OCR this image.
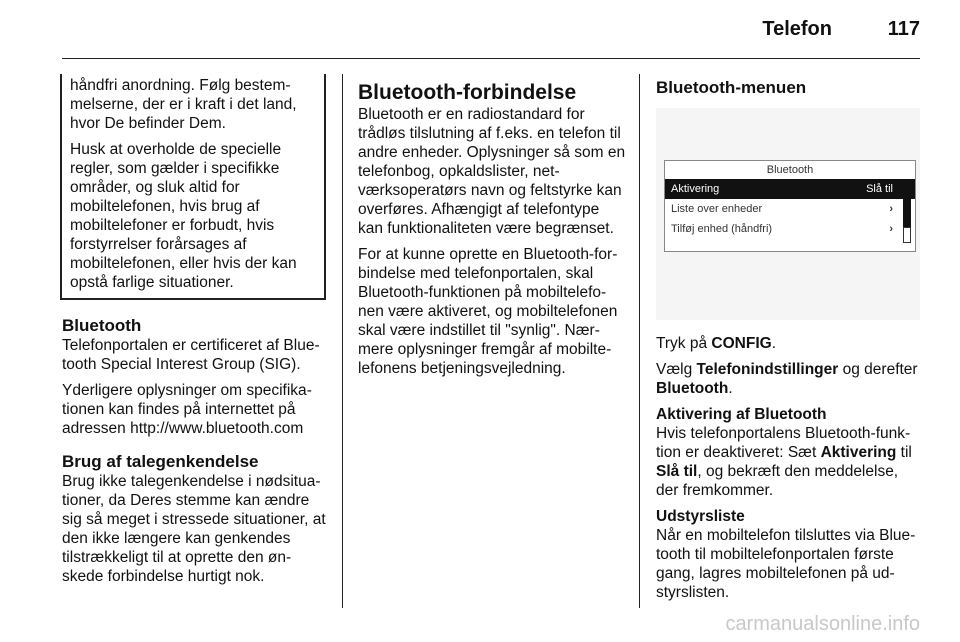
Telefon	117

håndfri anordning. Følg bestemmelserne, der er i kraft i det land, hvor De befinder Dem.

Husk at overholde de specielle regler, som gælder i specifikke områder, og sluk altid for mobiltelefonen, hvis brug af mobiltelefoner er forbudt, hvis forstyrrelser forårsages af mobiltelefonen, eller hvis der kan opstå farlige situationer.

Bluetooth

Telefonportalen er certificeret af Bluetooth Special Interest Group (SIG).

Yderligere oplysninger om specifikationen kan findes på internettet på adressen http://www.bluetooth.com

Brug af talegenkendelse

Brug ikke talegenkendelse i nødsituationer, da Deres stemme kan ændre sig så meget i stressede situationer, at den ikke længere kan genkendes tilstrækkeligt til at oprette den ønskede forbindelse hurtigt nok.

Bluetooth-forbindelse

Bluetooth er en radiostandard for trådløs tilslutning af f.eks. en telefon til andre enheder. Oplysninger så som en telefonbog, opkaldslister, netværksoperatørs navn og feltstyrke kan overføres. Afhængigt af telefontype kan funktionaliteten være begrænset.

For at kunne oprette en Bluetooth-forbindelse med telefonportalen, skal Bluetooth-funktionen på mobiltelefonen være aktiveret, og mobiltelefonen skal være indstillet til "synlig". Nærmere oplysninger fremgår af mobiltelefonens betjeningsvejledning.

Bluetooth-menuen
Bluetooth
Aktivering	Slå til
Liste over enheder	›
Tilføj enhed (håndfri)	›

Tryk på CONFIG.

Vælg Telefonindstillinger og derefter Bluetooth.

Aktivering af Bluetooth

Hvis telefonportalens Bluetooth-funktion er deaktiveret: Sæt Aktivering til Slå til, og bekræft den meddelelse, der fremkommer.

Udstyrsliste

Når en mobiltelefon tilsluttes via Bluetooth til mobiltelefonportalen første gang, lagres mobiltelefonen på udstyrslisten.

carmanualsonline.info
